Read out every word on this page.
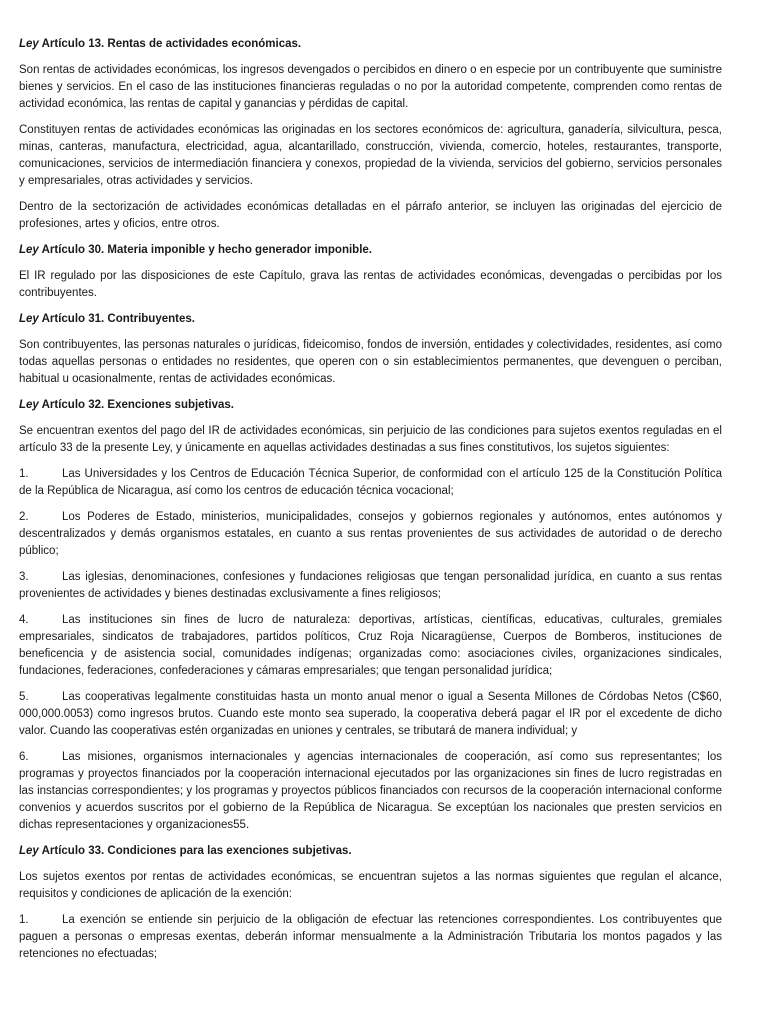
Ley Artículo 13. Rentas de actividades económicas.

Son rentas de actividades económicas, los ingresos devengados o percibidos en dinero o en especie por un contribuyente que suministre bienes y servicios. En el caso de las instituciones financieras reguladas o no por la autoridad competente, comprenden como rentas de actividad económica, las rentas de capital y ganancias y pérdidas de capital.

Constituyen rentas de actividades económicas las originadas en los sectores económicos de: agricultura, ganadería, silvicultura, pesca, minas, canteras, manufactura, electricidad, agua, alcantarillado, construcción, vivienda, comercio, hoteles, restaurantes, transporte, comunicaciones, servicios de intermediación financiera y conexos, propiedad de la vivienda, servicios del gobierno, servicios personales y empresariales, otras actividades y servicios.

Dentro de la sectorización de actividades económicas detalladas en el párrafo anterior, se incluyen las originadas del ejercicio de profesiones, artes y oficios, entre otros.

Ley Artículo 30. Materia imponible y hecho generador imponible.

El IR regulado por las disposiciones de este Capítulo, grava las rentas de actividades económicas, devengadas o percibidas por los contribuyentes.

Ley Artículo 31. Contribuyentes.

Son contribuyentes, las personas naturales o jurídicas, fideicomiso, fondos de inversión, entidades y colectividades, residentes, así como todas aquellas personas o entidades no residentes, que operen con o sin establecimientos permanentes, que devenguen o perciban, habitual u ocasionalmente, rentas de actividades económicas.

Ley Artículo 32. Exenciones subjetivas.

Se encuentran exentos del pago del IR de actividades económicas, sin perjuicio de las condiciones para sujetos exentos reguladas en el artículo 33 de la presente Ley, y únicamente en aquellas actividades destinadas a sus fines constitutivos, los sujetos siguientes:

1.	Las Universidades y los Centros de Educación Técnica Superior, de conformidad con el artículo 125 de la Constitución Política de la República de Nicaragua, así como los centros de educación técnica vocacional;

2.	Los Poderes de Estado, ministerios, municipalidades, consejos y gobiernos regionales y autónomos, entes autónomos y descentralizados y demás organismos estatales, en cuanto a sus rentas provenientes de sus actividades de autoridad o de derecho público;

3.	Las iglesias, denominaciones, confesiones y fundaciones religiosas que tengan personalidad jurídica, en cuanto a sus rentas provenientes de actividades y bienes destinadas exclusivamente a fines religiosos;

4.	Las instituciones sin fines de lucro de naturaleza: deportivas, artísticas, científicas, educativas, culturales, gremiales empresariales, sindicatos de trabajadores, partidos políticos, Cruz Roja Nicaragüense, Cuerpos de Bomberos, instituciones de beneficencia y de asistencia social, comunidades indígenas; organizadas como: asociaciones civiles, organizaciones sindicales, fundaciones, federaciones, confederaciones y cámaras empresariales; que tengan personalidad jurídica;

5.	Las cooperativas legalmente constituidas hasta un monto anual menor o igual a Sesenta Millones de Córdobas Netos (C$60, 000,000.0053) como ingresos brutos. Cuando este monto sea superado, la cooperativa deberá pagar el IR por el excedente de dicho valor. Cuando las cooperativas estén organizadas en uniones y centrales, se tributará de manera individual; y

6.	Las misiones, organismos internacionales y agencias internacionales de cooperación, así como sus representantes; los programas y proyectos financiados por la cooperación internacional ejecutados por las organizaciones sin fines de lucro registradas en las instancias correspondientes; y los programas y proyectos públicos financiados con recursos de la cooperación internacional conforme convenios y acuerdos suscritos por el gobierno de la República de Nicaragua. Se exceptúan los nacionales que presten servicios en dichas representaciones y organizaciones55.

Ley Artículo 33. Condiciones para las exenciones subjetivas.

Los sujetos exentos por rentas de actividades económicas, se encuentran sujetos a las normas siguientes que regulan el alcance, requisitos y condiciones de aplicación de la exención:

1.	La exención se entiende sin perjuicio de la obligación de efectuar las retenciones correspondientes. Los contribuyentes que paguen a personas o empresas exentas, deberán informar mensualmente a la Administración Tributaria los montos pagados y las retenciones no efectuadas;
